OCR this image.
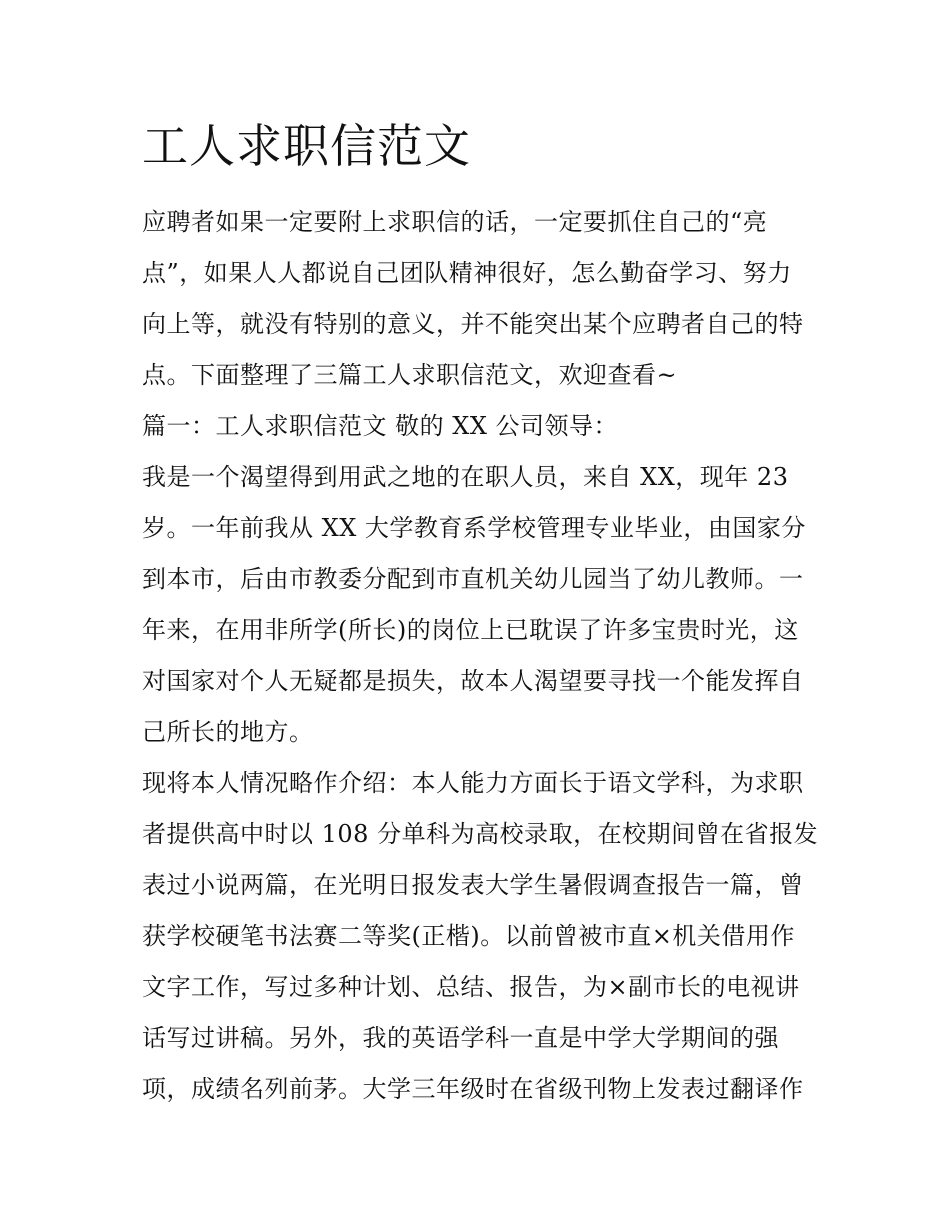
工人求职信范文
应聘者如果一定要附上求职信的话，一定要抓住自己的“亮
点”，如果人人都说自己团队精神很好，怎么勤奋学习、努力
向上等，就没有特别的意义，并不能突出某个应聘者自己的特
点。下面整理了三篇工人求职信范文，欢迎查看~
篇一：工人求职信范文 敬的 XX 公司领导：
我是一个渴望得到用武之地的在职人员，来自 XX，现年 23
岁。一年前我从 XX 大学教育系学校管理专业毕业，由国家分
到本市，后由市教委分配到市直机关幼儿园当了幼儿教师。一
年来，在用非所学(所长)的岗位上已耽误了许多宝贵时光，这
对国家对个人无疑都是损失，故本人渴望要寻找一个能发挥自
己所长的地方。
现将本人情况略作介绍：本人能力方面长于语文学科，为求职
者提供高中时以 108 分单科为高校录取，在校期间曾在省报发
表过小说两篇，在光明日报发表大学生暑假调查报告一篇，曾
获学校硬笔书法赛二等奖(正楷)。以前曾被市直×机关借用作
文字工作，写过多种计划、总结、报告，为×副市长的电视讲
话写过讲稿。另外，我的英语学科一直是中学大学期间的强
项，成绩名列前茅。大学三年级时在省级刊物上发表过翻译作
